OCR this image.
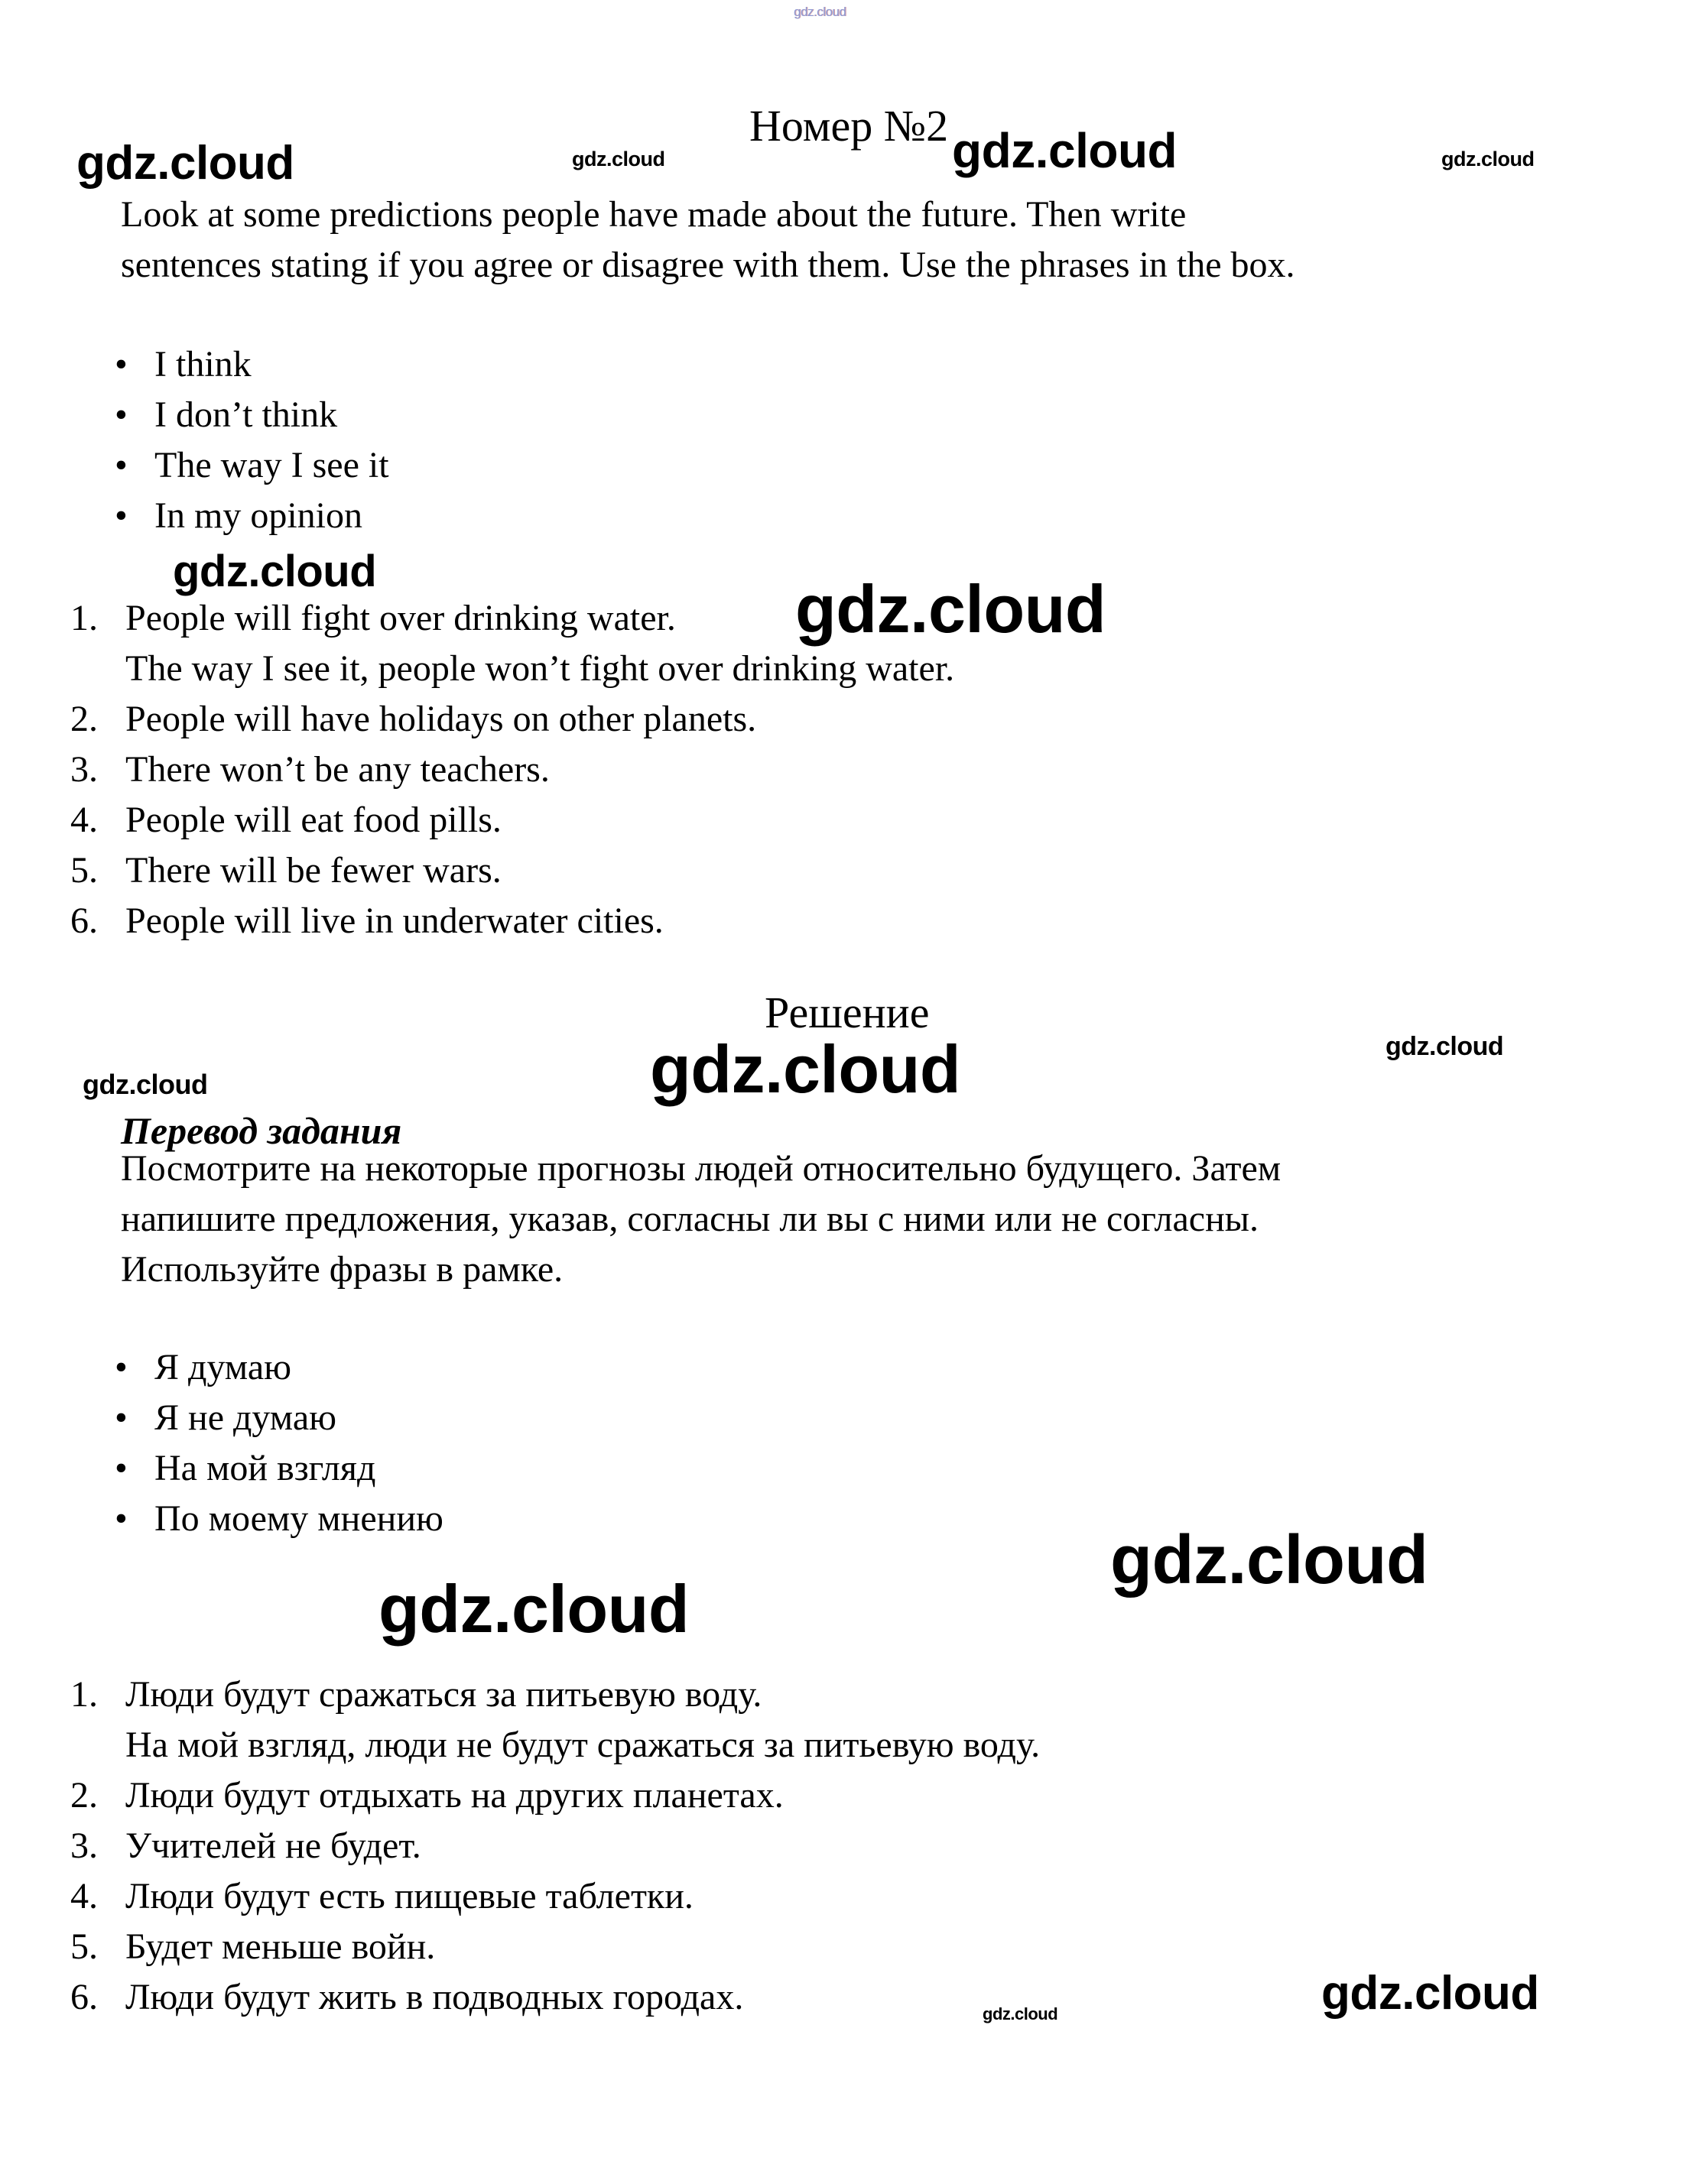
gdz.cloud
gdz.cloud	gdz.cloud	gdz.cloud	gdz.cloud
gdz.cloud	gdz.cloud
gdz.cloud	gdz.cloud
gdz.cloud
gdz.cloud
gdz.cloud
gdz.cloud	gdz.cloud
Номер №2
Look at some predictions people have made about the future. Then write
sentences stating if you agree or disagree with them. Use the phrases in the box.
• I think
• I don’t think
• The way I see it
• In my opinion
1. People will fight over drinking water.
The way I see it, people won’t fight over drinking water.
2. People will have holidays on other planets.
3. There won’t be any teachers.
4. People will eat food pills.
5. There will be fewer wars.
6. People will live in underwater cities.
Решение
Перевод задания
Посмотрите на некоторые прогнозы людей относительно будущего. Затем
напишите предложения, указав, согласны ли вы с ними или не согласны.
Используйте фразы в рамке.
• Я думаю
• Я не думаю
• На мой взгляд
• По моему мнению
1. Люди будут сражаться за питьевую воду.
На мой взгляд, люди не будут сражаться за питьевую воду.
2. Люди будут отдыхать на других планетах.
3. Учителей не будет.
4. Люди будут есть пищевые таблетки.
5. Будет меньше войн.
6. Люди будут жить в подводных городах.
